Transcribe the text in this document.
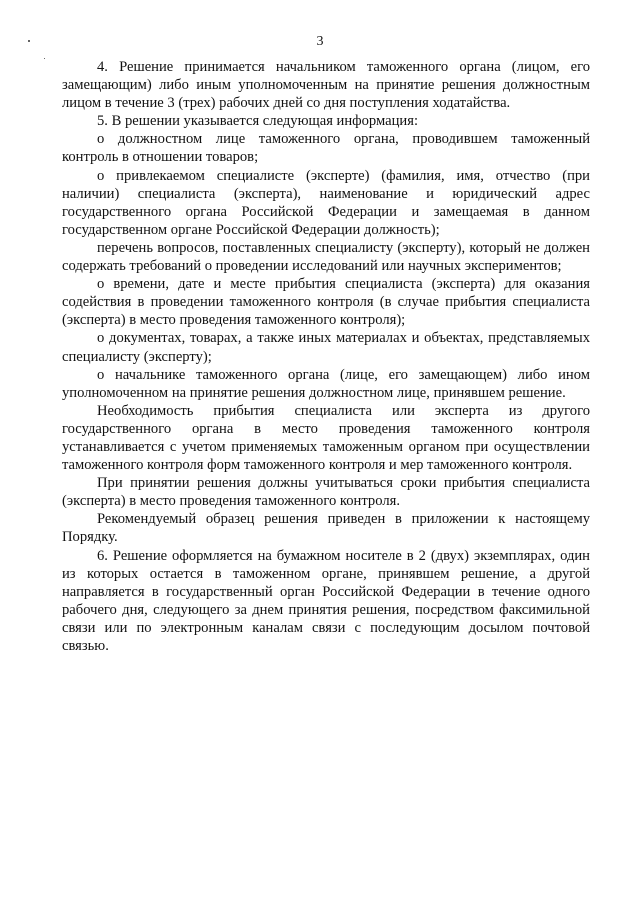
3

4. Решение принимается начальником таможенного органа (лицом, его замещающим) либо иным уполномоченным на принятие решения должностным лицом в течение 3 (трех) рабочих дней со дня поступления ходатайства.

5. В решении указывается следующая информация:

о должностном лице таможенного органа, проводившем таможенный контроль в отношении товаров;

о привлекаемом специалисте (эксперте) (фамилия, имя, отчество (при наличии) специалиста (эксперта), наименование и юридический адрес государственного органа Российской Федерации и замещаемая в данном государственном органе Российской Федерации должность);

перечень вопросов, поставленных специалисту (эксперту), который не должен содержать требований о проведении исследований или научных экспериментов;

о времени, дате и месте прибытия специалиста (эксперта) для оказания содействия в проведении таможенного контроля (в случае прибытия специалиста (эксперта) в место проведения таможенного контроля);

о документах, товарах, а также иных материалах и объектах, представляемых специалисту (эксперту);

о начальнике таможенного органа (лице, его замещающем) либо ином уполномоченном на принятие решения должностном лице, принявшем решение.

Необходимость прибытия специалиста или эксперта из другого государственного органа в место проведения таможенного контроля устанавливается с учетом применяемых таможенным органом при осуществлении таможенного контроля форм таможенного контроля и мер таможенного контроля.

При принятии решения должны учитываться сроки прибытия специалиста (эксперта) в место проведения таможенного контроля.

Рекомендуемый образец решения приведен в приложении к настоящему Порядку.

6. Решение оформляется на бумажном носителе в 2 (двух) экземплярах, один из которых остается в таможенном органе, принявшем решение, а другой направляется в государственный орган Российской Федерации в течение одного рабочего дня, следующего за днем принятия решения, посредством факсимильной связи или по электронным каналам связи с последующим досылом почтовой связью.
